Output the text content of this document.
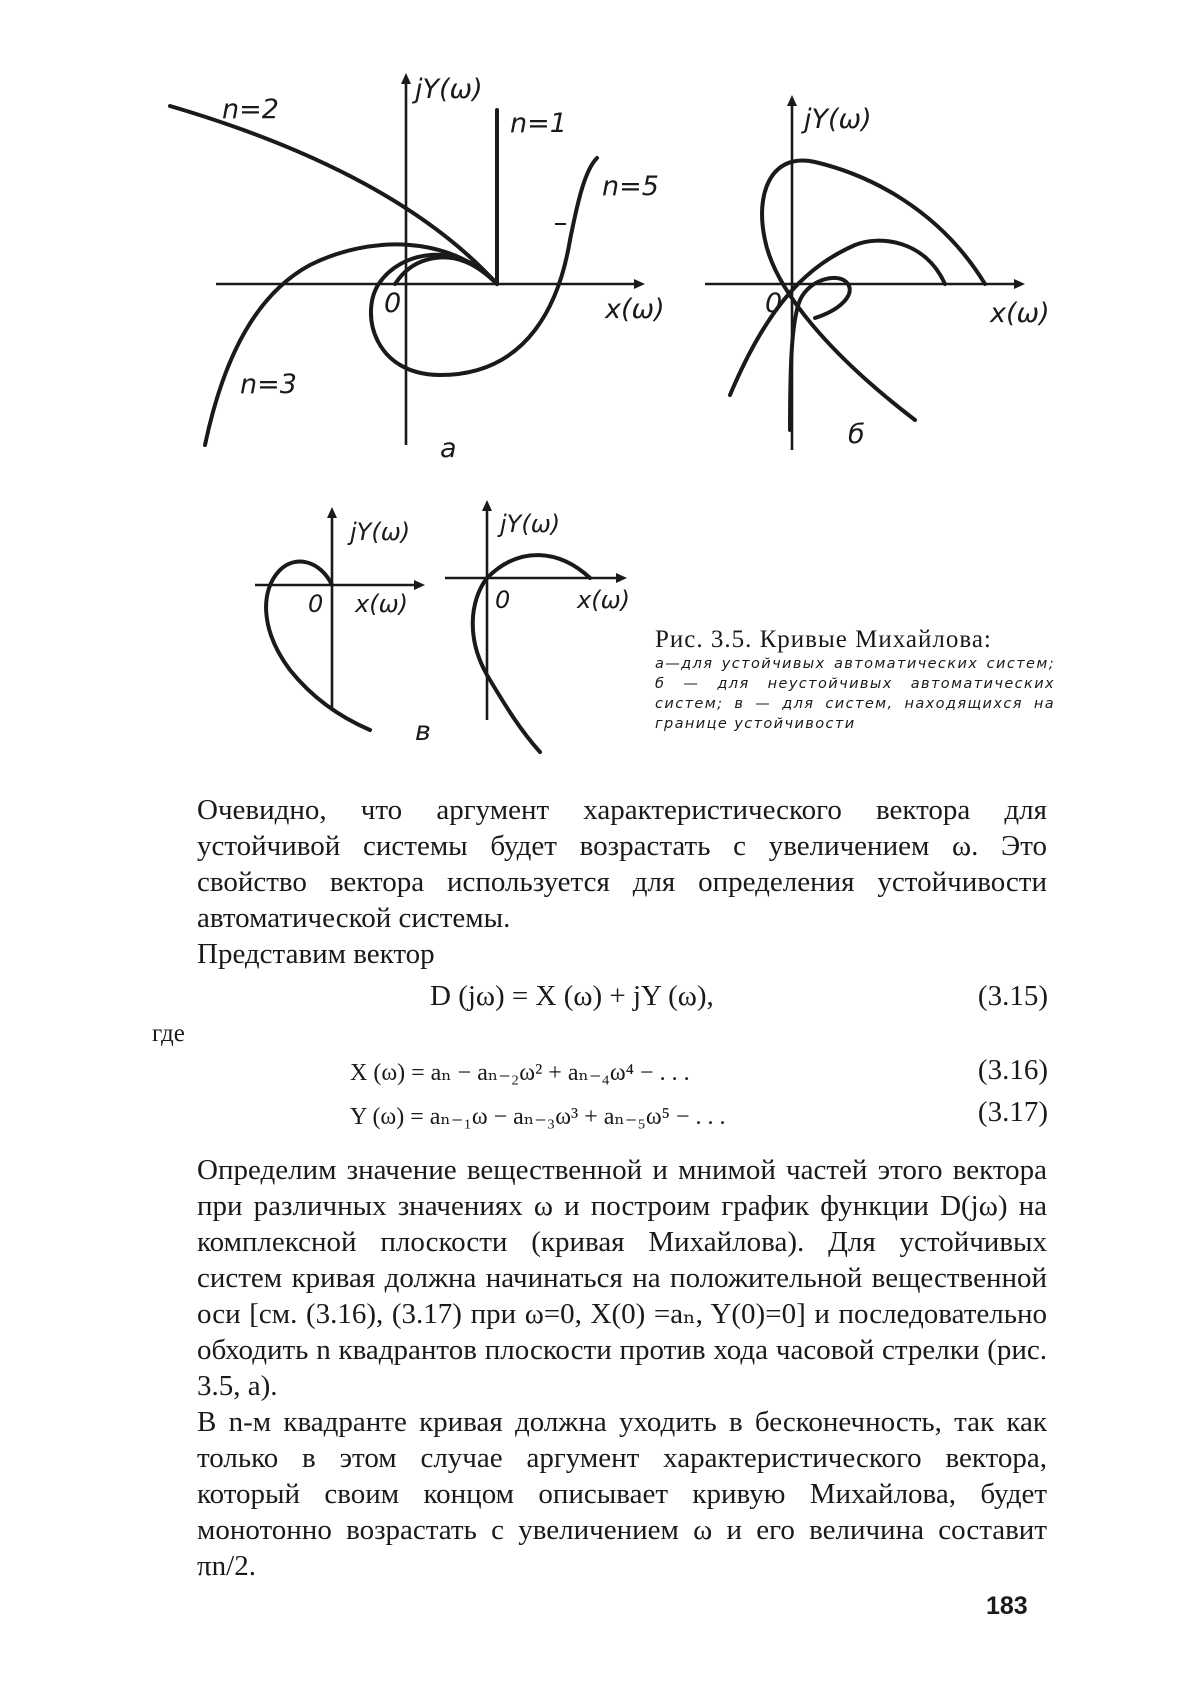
jY(ω)
x(ω)
0
n=1
n=2
n=3
n=5
а
jY(ω)
x(ω)
0
б
jY(ω)
x(ω)
0
jY(ω)
x(ω)
0
в
Рис. 3.5. Кривые Михайлова:
а—для устойчивых автоматических систем; б — для неустойчивых автоматических систем; в — для систем, находящихся на границе устойчивости

Очевидно, что аргумент характеристического вектора для устойчивой системы будет возрастать с увеличением ω. Это свойство вектора используется для определения устойчивости автоматической системы.

Представим вектор

D (jω) = X (ω) + jY (ω),	(3.15)
где
X (ω) = aₙ − aₙ₋₂ω² + aₙ₋₄ω⁴ − . . .	(3.16)
Y (ω) = aₙ₋₁ω − aₙ₋₃ω³ + aₙ₋₅ω⁵ − . . .	(3.17)

Определим значение вещественной и мнимой частей этого вектора при различных значениях ω и построим график функции D(jω) на комплексной плоскости (кривая Михайлова). Для устойчивых систем кривая должна начинаться на положительной вещественной оси [см. (3.16), (3.17) при ω=0, X(0) =aₙ, Y(0)=0] и последовательно обходить n квадрантов плоскости против хода часовой стрелки (рис. 3.5, а).

В n-м квадранте кривая должна уходить в бесконечность, так как только в этом случае аргумент характеристического вектора, который своим концом описывает кривую Михайлова, будет монотонно возрастать с увеличением ω и его величина составит πn/2.

183
